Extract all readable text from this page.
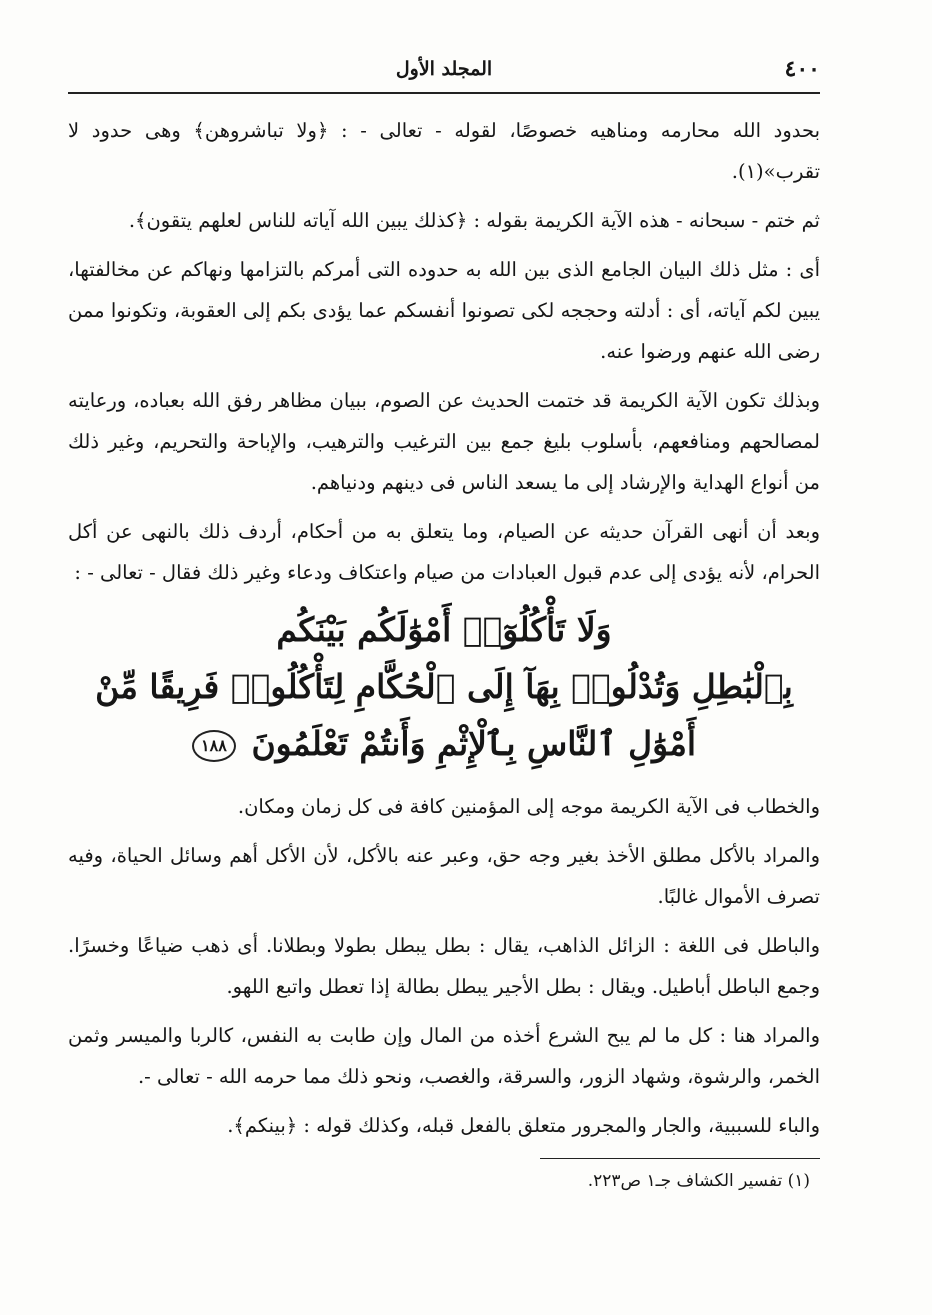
٤٠٠
المجلد الأول

بحدود الله محارمه ومناهيه خصوصًا، لقوله - تعالى - : ﴿ولا تباشروهن﴾ وهى حدود لا تقرب»(١).

ثم ختم - سبحانه - هذه الآية الكريمة بقوله : ﴿كذلك يبين الله آياته للناس لعلهم يتقون﴾.

أى : مثل ذلك البيان الجامع الذى بين الله به حدوده التى أمركم بالتزامها ونهاكم عن مخالفتها، يبين لكم آياته، أى : أدلته وحججه لكى تصونوا أنفسكم عما يؤدى بكم إلى العقوبة، وتكونوا ممن رضى الله عنهم ورضوا عنه.

وبذلك تكون الآية الكريمة قد ختمت الحديث عن الصوم، ببيان مظاهر رفق الله بعباده، ورعايته لمصالحهم ومنافعهم، بأسلوب بليغ جمع بين الترغيب والترهيب، والإباحة والتحريم، وغير ذلك من أنواع الهداية والإرشاد إلى ما يسعد الناس فى دينهم ودنياهم.

وبعد أن أنهى القرآن حديثه عن الصيام، وما يتعلق به من أحكام، أردف ذلك بالنهى عن أكل الحرام، لأنه يؤدى إلى عدم قبول العبادات من صيام واعتكاف ودعاء وغير ذلك فقال - تعالى - :

وَلَا تَأْكُلُوٓا۟ أَمْوَٰلَكُم بَيْنَكُم
بِٱلْبَٰطِلِ وَتُدْلُوا۟ بِهَآ إِلَى ٱلْحُكَّامِ لِتَأْكُلُوا۟ فَرِيقًا مِّنْ
أَمْوَٰلِ ٱلنَّاسِ بِٱلْإِثْمِ وَأَنتُمْ تَعْلَمُونَ ١٨٨

والخطاب فى الآية الكريمة موجه إلى المؤمنين كافة فى كل زمان ومكان.

والمراد بالأكل مطلق الأخذ بغير وجه حق، وعبر عنه بالأكل، لأن الأكل أهم وسائل الحياة، وفيه تصرف الأموال غالبًا.

والباطل فى اللغة : الزائل الذاهب، يقال : بطل يبطل بطولا وبطلانا. أى ذهب ضياعًا وخسرًا. وجمع الباطل أباطيل. ويقال : بطل الأجير يبطل بطالة إذا تعطل واتبع اللهو.

والمراد هنا : كل ما لم يبح الشرع أخذه من المال وإن طابت به النفس، كالربا والميسر وثمن الخمر، والرشوة، وشهاد الزور، والسرقة، والغصب، ونحو ذلك مما حرمه الله - تعالى -.

والباء للسببية، والجار والمجرور متعلق بالفعل قبله، وكذلك قوله : ﴿بينكم﴾.

(١) تفسير الكشاف جـ١ ص٢٢٣.
